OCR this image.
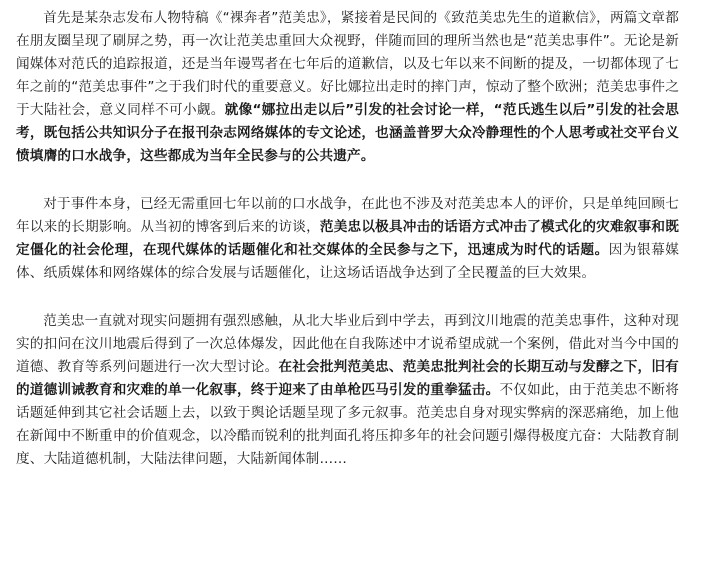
首先是某杂志发布人物特稿《“裸奔者”范美忠》，紧接着是民间的《致范美忠先生的道歉信》，两篇文章都在朋友圈呈现了刷屏之势，再一次让范美忠重回大众视野，伴随而回的理所当然也是“范美忠事件”。无论是新闻媒体对范氏的追踪报道，还是当年谩骂者在七年后的道歉信，以及七年以来不间断的提及，一切都体现了七年之前的“范美忠事件”之于我们时代的重要意义。好比娜拉出走时的摔门声，惊动了整个欧洲；范美忠事件之于大陆社会，意义同样不可小觑。就像“娜拉出走以后”引发的社会讨论一样，“范氏逃生以后”引发的社会思考，既包括公共知识分子在报刊杂志网络媒体的专文论述，也涵盖普罗大众冷静理性的个人思考或社交平台义愤填膺的口水战争，这些都成为当年全民参与的公共遗产。

对于事件本身，已经无需重回七年以前的口水战争，在此也不涉及对范美忠本人的评价，只是单纯回顾七年以来的长期影响。从当初的博客到后来的访谈，范美忠以极具冲击的话语方式冲击了模式化的灾难叙事和既定僵化的社会伦理，在现代媒体的话题催化和社交媒体的全民参与之下，迅速成为时代的话题。因为银幕媒体、纸质媒体和网络媒体的综合发展与话题催化，让这场话语战争达到了全民覆盖的巨大效果。

范美忠一直就对现实问题拥有强烈感触，从北大毕业后到中学去，再到汶川地震的范美忠事件，这种对现实的扣问在汶川地震后得到了一次总体爆发，因此他在自我陈述中才说希望成就一个案例，借此对当今中国的道德、教育等系列问题进行一次大型讨论。在社会批判范美忠、范美忠批判社会的长期互动与发酵之下，旧有的道德训诫教育和灾难的单一化叙事，终于迎来了由单枪匹马引发的重拳猛击。不仅如此，由于范美忠不断将话题延伸到其它社会话题上去，以致于舆论话题呈现了多元叙事。范美忠自身对现实弊病的深恶痛绝，加上他在新闻中不断重申的价值观念，以冷酷而锐利的批判面孔将压抑多年的社会问题引爆得极度亢奋：大陆教育制度、大陆道德机制，大陆法律问题，大陆新闻体制……
